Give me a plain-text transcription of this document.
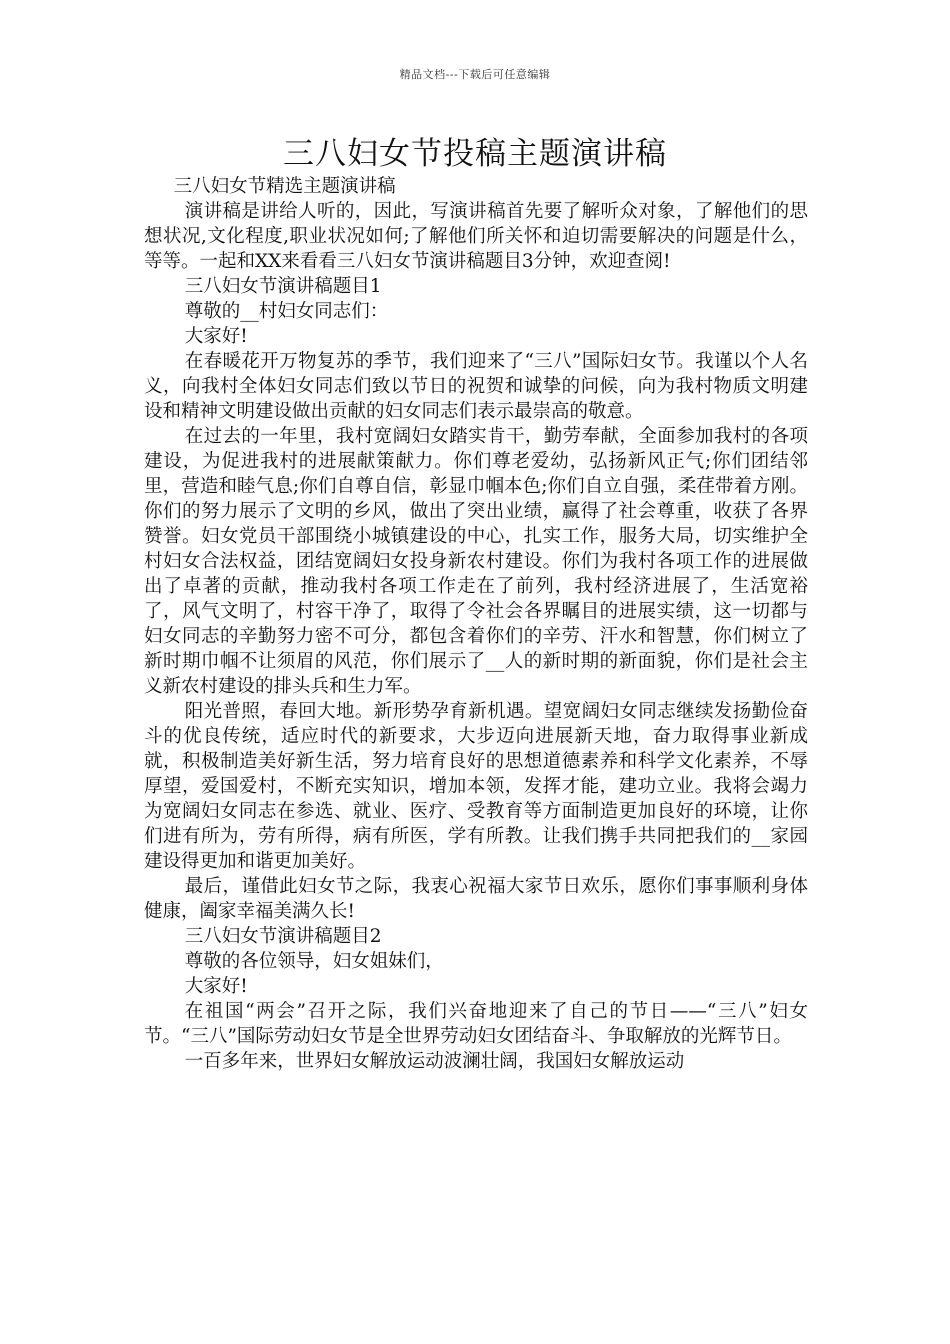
精品文档---下载后可任意编辑
三八妇女节投稿主题演讲稿

三八妇女节精选主题演讲稿

演讲稿是讲给人听的，因此，写演讲稿首先要了解听众对象，了解他们的思想状况,文化程度,职业状况如何;了解他们所关怀和迫切需要解决的问题是什么，等等。一起和XX来看看三八妇女节演讲稿题目3分钟，欢迎查阅!

三八妇女节演讲稿题目1

尊敬的__村妇女同志们：

大家好!

在春暖花开万物复苏的季节，我们迎来了“三八”国际妇女节。我谨以个人名义，向我村全体妇女同志们致以节日的祝贺和诚挚的问候，向为我村物质文明建设和精神文明建设做出贡献的妇女同志们表示最崇高的敬意。

在过去的一年里，我村宽阔妇女踏实肯干，勤劳奉献，全面参加我村的各项建设，为促进我村的进展献策献力。你们尊老爱幼，弘扬新风正气;你们团结邻里，营造和睦气息;你们自尊自信，彰显巾帼本色;你们自立自强，柔荏带着方刚。你们的努力展示了文明的乡风，做出了突出业绩，赢得了社会尊重，收获了各界赞誉。妇女党员干部围绕小城镇建设的中心，扎实工作，服务大局，切实维护全村妇女合法权益，团结宽阔妇女投身新农村建设。你们为我村各项工作的进展做出了卓著的贡献，推动我村各项工作走在了前列，我村经济进展了，生活宽裕了，风气文明了，村容干净了，取得了令社会各界瞩目的进展实绩，这一切都与妇女同志的辛勤努力密不可分，都包含着你们的辛劳、汗水和智慧，你们树立了新时期巾帼不让须眉的风范，你们展示了__人的新时期的新面貌，你们是社会主义新农村建设的排头兵和生力军。

阳光普照，春回大地。新形势孕育新机遇。望宽阔妇女同志继续发扬勤俭奋斗的优良传统，适应时代的新要求，大步迈向进展新天地，奋力取得事业新成就，积极制造美好新生活，努力培育良好的思想道德素养和科学文化素养，不辱厚望，爱国爱村，不断充实知识，增加本领，发挥才能，建功立业。我将会竭力为宽阔妇女同志在参选、就业、医疗、受教育等方面制造更加良好的环境，让你们进有所为，劳有所得，病有所医，学有所教。让我们携手共同把我们的__家园建设得更加和谐更加美好。

最后，谨借此妇女节之际，我衷心祝福大家节日欢乐，愿你们事事顺利身体健康，阖家幸福美满久长!

三八妇女节演讲稿题目2

尊敬的各位领导，妇女姐妹们，

大家好!

在祖国“两会”召开之际，我们兴奋地迎来了自己的节日——“三八”妇女节。“三八”国际劳动妇女节是全世界劳动妇女团结奋斗、争取解放的光辉节日。

一百多年来，世界妇女解放运动波澜壮阔，我国妇女解放运动
